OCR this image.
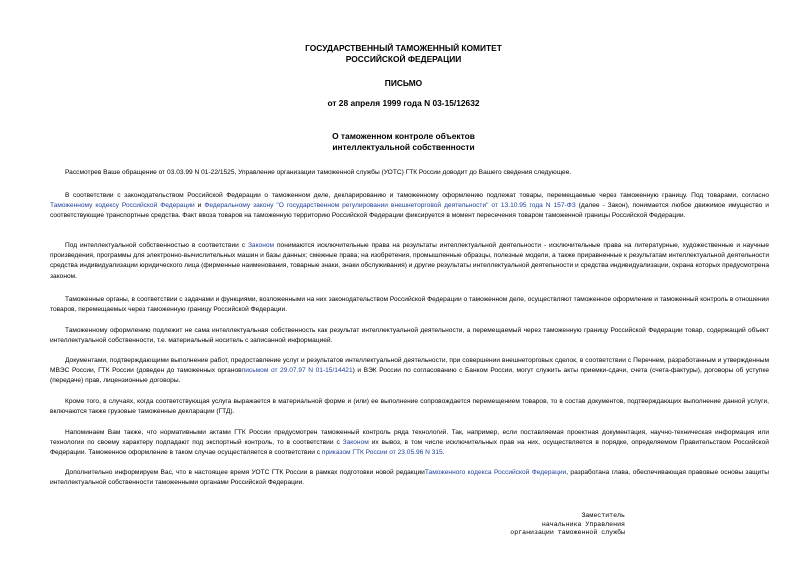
ГОСУДАРСТВЕННЫЙ ТАМОЖЕННЫЙ КОМИТЕТ
РОССИЙСКОЙ ФЕДЕРАЦИИ
ПИСЬМО
от 28 апреля 1999 года N 03-15/12632
О таможенном контроле объектов
интеллектуальной собственности

Рассмотрев Ваше обращение от 03.03.99 N 01-22/1525, Управление организации таможенной службы (УОТС) ГТК России доводит до Вашего сведения следующее.

В соответствии с законодательством Российской Федерации о таможенном деле, декларированию и таможенному оформлению подлежат товары, перемещаемые через таможенную границу. Под товарами, согласно Таможенному кодексу Российской Федерации и Федеральному закону "О государственном регулировании внешнеторговой деятельности" от 13.10.95 года N 157-ФЗ (далее - Закон), понимается любое движимое имущество и соответствующие транспортные средства. Факт ввоза товаров на таможенную территорию Российской Федерации фиксируется в момент пересечения товаром таможенной границы Российской Федерации.

Под интеллектуальной собственностью в соответствии с Законом понимаются исключительные права на результаты интеллектуальной деятельности - исключительные права на литературные, художественные и научные произведения, программы для электронно-вычислительных машин и базы данных; смежные права; на изобретения, промышленные образцы, полезные модели, а также приравненные к результатам интеллектуальной деятельности средства индивидуализации юридического лица (фирменные наименования, товарные знаки, знаки обслуживания) и другие результаты интеллектуальной деятельности и средства индивидуализации, охрана которых предусмотрена законом.

Таможенные органы, в соответствии с задачами и функциями, возложенными на них законодательством Российской Федерации о таможенном деле, осуществляют таможенное оформление и таможенный контроль в отношении товаров, перемещаемых через таможенную границу Российской Федерации.

Таможенному оформлению подлежит не сама интеллектуальная собственность как результат интеллектуальной деятельности, а перемещаемый через таможенную границу Российской Федерации товар, содержащий объект интеллектуальной собственности, т.е. материальный носитель с записанной информацией.

Документами, подтверждающими выполнение работ, предоставление услуг и результатов интеллектуальной деятельности, при совершении внешнеторговых сделок, в соответствии с Перечнем, разработанным и утвержденным МВЭС России, ГТК России (доведен до таможенных органовписьмом от 29.07.97 N 01-15/14421) и ВЭК России по согласованию с Банком России, могут служить акты приемки-сдачи, счета (счета-фактуры), договоры об уступке (передаче) прав, лицензионные договоры.

Кроме того, в случаях, когда соответствующая услуга выражается в материальной форме и (или) ее выполнение сопровождается перемещением товаров, то в состав документов, подтверждающих выполнение данной услуги, включаются также грузовые таможенные декларации (ГТД).

Напоминаем Вам также, что нормативными актами ГТК России предусмотрен таможенный контроль ряда технологий. Так, например, если поставляемая проектная документация, научно-техническая информация или технологии по своему характеру подпадают под экспортный контроль, то в соответствии с Законом их вывоз, в том числе исключительных прав на них, осуществляется в порядке, определяемом Правительством Российской Федерации. Таможенное оформление в таком случае осуществляется в соответствии с приказом ГТК России от 23.05.96 N 315.

Дополнительно информируем Вас, что в настоящее время УОТС ГТК России в рамках подготовки новой редакцииТаможенного кодекса Российской Федерации, разработана глава, обеспечивающая правовые основы защиты интеллектуальной собственности таможенными органами Российской Федерации.

Заместитель
начальника Управления
организации таможенной службы
